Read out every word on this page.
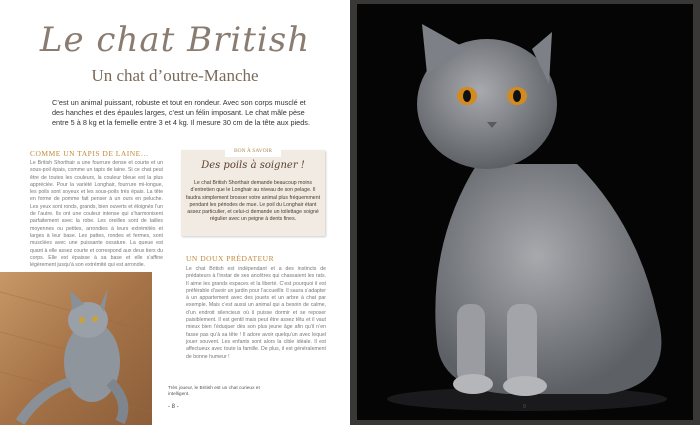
Le chat British
Un chat d’outre-Manche
C’est un animal puissant, robuste et tout en rondeur. Avec son corps musclé et des hanches et des épaules larges, c’est un félin imposant. Le chat mâle pèse entre 5 à 8 kg et la femelle entre 3 et 4 kg. Il mesure 30 cm de la tête aux pieds.
COMME UN TAPIS DE LAINE…
Le British Shorthair a une fourrure dense et courte et un sous-poil épais, comme un tapis de laine. Si ce chat peut être de toutes les couleurs, la couleur bleue est la plus appréciée. Pour la variété Longhair, fourrure mi-longue, les poils sont soyeux et les sous-poils très épais. La tête en forme de pomme fait penser à un ours en peluche. Les yeux sont ronds, grands, bien ouverts et éloignés l’un de l’autre. Ils ont une couleur intense qui s’harmonisent parfaitement avec la robe. Les oreilles sont de tailles moyennes ou petites, arrondies à leurs extrémités et larges à leur base. Les pattes, rondes et fermes, sont musclées avec une puissante ossature. La queue est quant à elle assez courte et correspond aux deux tiers du corps. Elle est épaisse à sa base et elle s’affine légèrement jusqu’à son extrémité qui est arrondie.
BON À SAVOIR
Des poils à soigner !
Le chat British Shorthair demande beaucoup moins d’entretien que le Longhair au niveau de son pelage. Il faudra simplement brosser votre animal plus fréquemment pendant les périodes de mue. Le poil du Longhair étant assez particulier, et celui-ci demande un toilettage soigné régulier avec un peigne à dents fines.
UN DOUX PRÉDATEUR
Le chat British est indépendant et a des instincts de prédateurs à l’instar de ses ancêtres qui chassaient les rats. Il aime les grands espaces et la liberté. C’est pourquoi il est préférable d’avoir un jardin pour l’accueillir. Il saura s’adapter à un appartement avec des jouets et un arbre à chat par exemple. Mais c’est aussi un animal qui a besoin de calme, d’un endroit silencieux où il puisse dormir et se reposer paisiblement. Il est gentil mais peut être assez têtu et il vaut mieux bien l’éduquer dès son plus jeune âge afin qu’il n’en fasse pas qu’à sa tête ! Il adore avoir quelqu’un avec lequel jouer souvent. Les enfants sont alors la cible idéale. Il est affectueux avec toute la famille. De plus, il est généralement de bonne humeur !
Très joueur, le British est un chat curieux et intelligent.
- 8 -	9
